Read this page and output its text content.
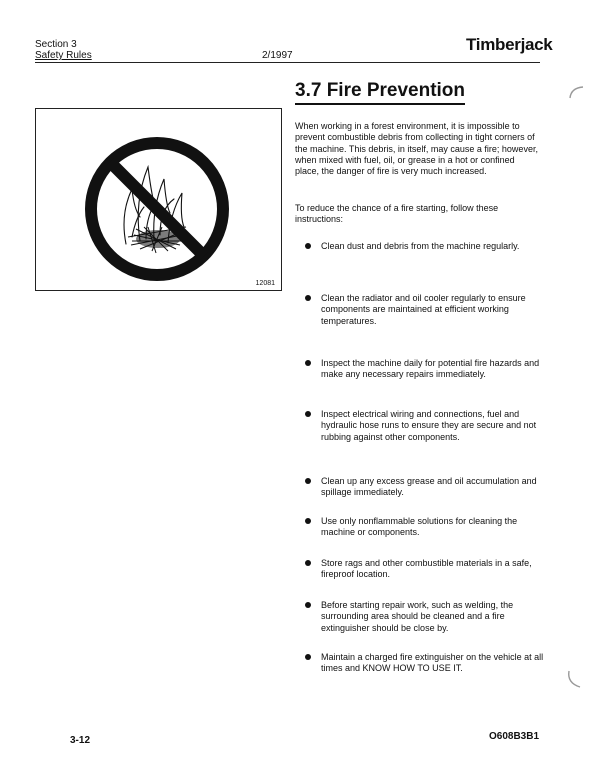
Section 3
Safety Rules	2/1997
Timberjack
3.7 Fire Prevention
12081
When working in a forest environment, it is impossible to prevent combustible debris from collecting in tight corners of the machine. This debris, in itself, may cause a fire; however, when mixed with fuel, oil, or grease in a hot or confined place, the danger of fire is very much increased.
To reduce the chance of a fire starting, follow these instructions:
Clean dust and debris from the machine regularly.
Clean the radiator and oil cooler regularly to ensure components are maintained at efficient working temperatures.
Inspect the machine daily for potential fire hazards and make any necessary repairs immediately.
Inspect electrical wiring and connections, fuel and hydraulic hose runs to ensure they are secure and not rubbing against other components.
Clean up any excess grease and oil accumulation and spillage immediately.
Use only nonflammable solutions for cleaning the machine or components.
Store rags and other combustible materials in a safe, fireproof location.
Before starting repair work, such as welding, the surrounding area should be cleaned and a fire extinguisher should be close by.
Maintain a charged fire extinguisher on the vehicle at all times and KNOW HOW TO USE IT.
3-12	O608B3B1
